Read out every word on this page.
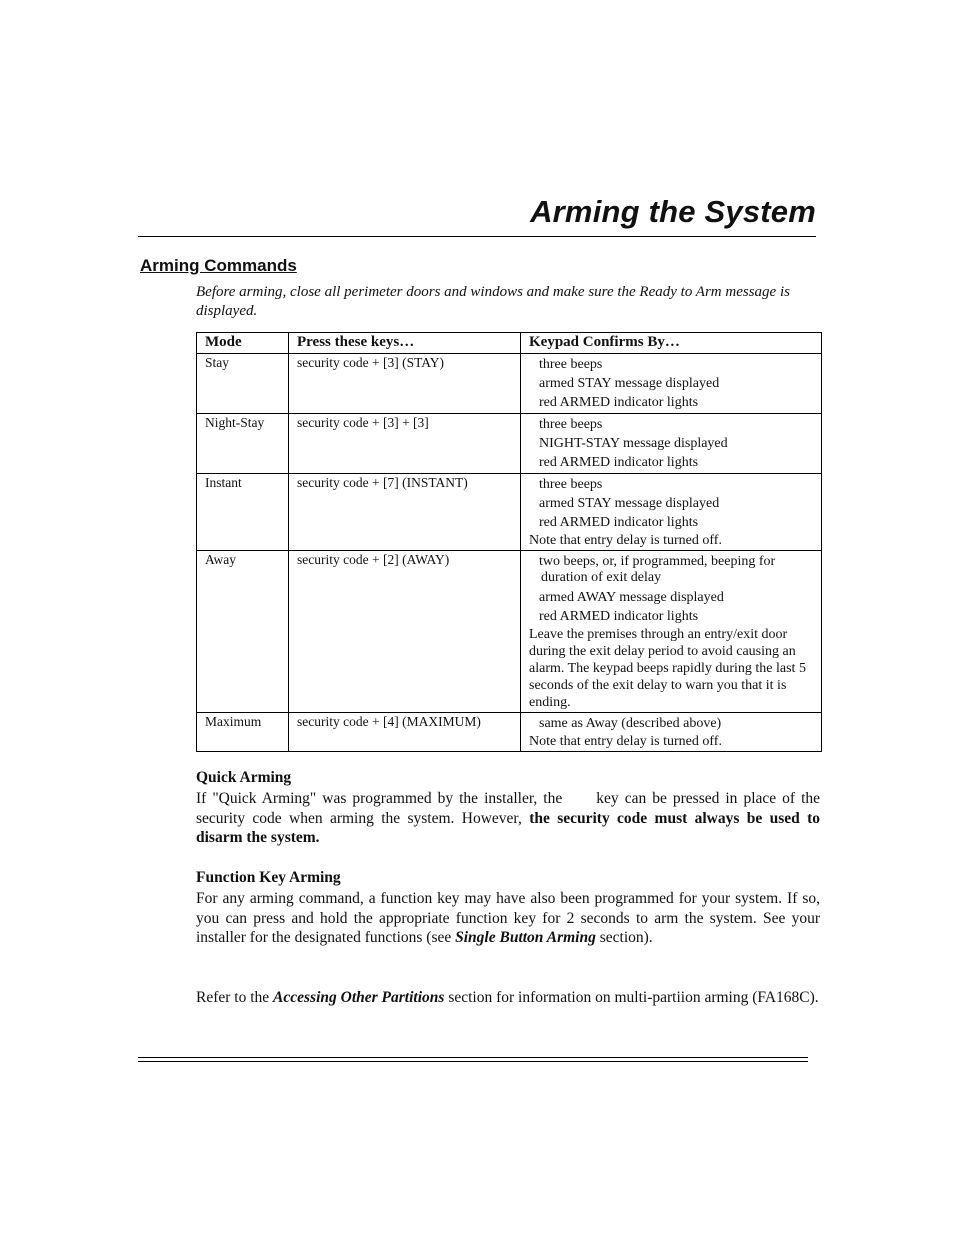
Arming the System
Arming Commands

Before arming, close all perimeter doors and windows and make sure the Ready to Arm message is displayed.

Mode	Press these keys…	Keypad Confirms By…
Stay	security code + [3] (STAY)	three beeps
armed STAY message displayed
red ARMED indicator lights

Night-Stay	security code + [3] + [3]	three beeps
NIGHT-STAY message displayed
red ARMED indicator lights

Instant	security code + [7] (INSTANT)	three beeps
armed STAY message displayed
red ARMED indicator lights
Note that entry delay is turned off.

Away	security code + [2] (AWAY)	two beeps, or, if programmed, beeping for
duration of exit delay
armed AWAY message displayed
red ARMED indicator lights
Leave the premises through an entry/exit door during the exit delay period to avoid causing an alarm. The keypad beeps rapidly during the last 5 seconds of the exit delay to warn you that it is ending.

Maximum	security code + [4] (MAXIMUM)	same as Away (described above)
Note that entry delay is turned off.
Quick Arming

If "Quick Arming" was programmed by the installer, the key can be pressed in place of the security code when arming the system. However, the security code must always be used to disarm the system.

Function Key Arming

For any arming command, a function key may have also been programmed for your system. If so, you can press and hold the appropriate function key for 2 seconds to arm the system. See your installer for the designated functions (see Single Button Arming section).

Refer to the Accessing Other Partitions section for information on multi-partiion arming (FA168C).
